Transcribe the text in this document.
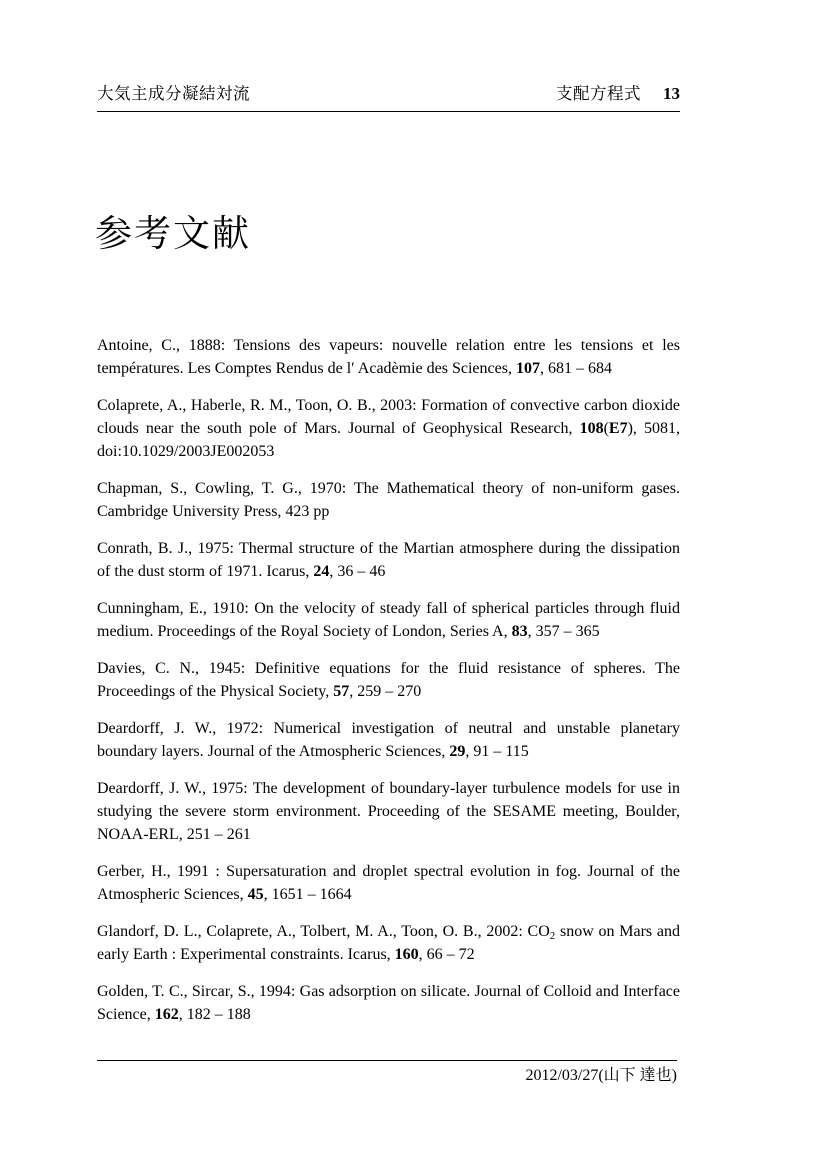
大気主成分凝結対流	支配方程式 13
参考文献

Antoine, C., 1888: Tensions des vapeurs: nouvelle relation entre les tensions et les températures. Les Comptes Rendus de l′ Acadèmie des Sciences, 107, 681 – 684

Colaprete, A., Haberle, R. M., Toon, O. B., 2003: Formation of convective carbon dioxide clouds near the south pole of Mars. Journal of Geophysical Research, 108(E7), 5081, doi:10.1029/2003JE002053

Chapman, S., Cowling, T. G., 1970: The Mathematical theory of non-uniform gases. Cambridge University Press, 423 pp

Conrath, B. J., 1975: Thermal structure of the Martian atmosphere during the dissipation of the dust storm of 1971. Icarus, 24, 36 – 46

Cunningham, E., 1910: On the velocity of steady fall of spherical particles through fluid medium. Proceedings of the Royal Society of London, Series A, 83, 357 – 365

Davies, C. N., 1945: Definitive equations for the fluid resistance of spheres. The Proceedings of the Physical Society, 57, 259 – 270

Deardorff, J. W., 1972: Numerical investigation of neutral and unstable planetary boundary layers. Journal of the Atmospheric Sciences, 29, 91 – 115

Deardorff, J. W., 1975: The development of boundary-layer turbulence models for use in studying the severe storm environment. Proceeding of the SESAME meeting, Boulder, NOAA-ERL, 251 – 261

Gerber, H., 1991 : Supersaturation and droplet spectral evolution in fog. Journal of the Atmospheric Sciences, 45, 1651 – 1664

Glandorf, D. L., Colaprete, A., Tolbert, M. A., Toon, O. B., 2002: $CO_2$ snow on Mars and early Earth : Experimental constraints. Icarus, 160, 66 – 72

Golden, T. C., Sircar, S., 1994: Gas adsorption on silicate. Journal of Colloid and Interface Science, 162, 182 – 188

2012/03/27(山下 達也)
